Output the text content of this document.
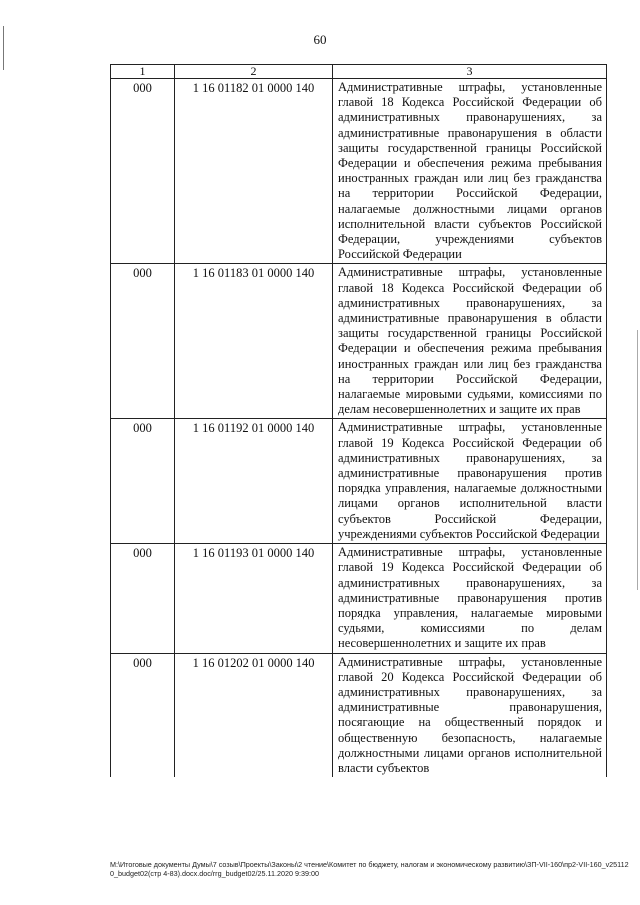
60
1	2	3
000	1 16 01182 01 0000 140	Административные штрафы, установленные главой 18 Кодекса Российской Федерации об административных правонарушениях, за административные правонарушения в области защиты государственной границы Российской Федерации и обеспечения режима пребывания иностранных граждан или лиц без гражданства на территории Российской Федерации, налагаемые должностными лицами органов исполнительной власти субъектов Российской Федерации, учреждениями субъектов Российской Федерации
000	1 16 01183 01 0000 140	Административные штрафы, установленные главой 18 Кодекса Российской Федерации об административных правонарушениях, за административные правонарушения в области защиты государственной границы Российской Федерации и обеспечения режима пребывания иностранных граждан или лиц без гражданства на территории Российской Федерации, налагаемые мировыми судьями, комиссиями по делам несовершеннолетних и защите их прав
000	1 16 01192 01 0000 140	Административные штрафы, установленные главой 19 Кодекса Российской Федерации об административных правонарушениях, за административные правонарушения против порядка управления, налагаемые должностными лицами органов исполнительной власти субъектов Российской Федерации, учреждениями субъектов Российской Федерации
000	1 16 01193 01 0000 140	Административные штрафы, установленные главой 19 Кодекса Российской Федерации об административных правонарушениях, за административные правонарушения против порядка управления, налагаемые мировыми судьями, комиссиями по делам несовершеннолетних и защите их прав
000	1 16 01202 01 0000 140	Административные штрафы, установленные главой 20 Кодекса Российской Федерации об административных правонарушениях, за административные правонарушения, посягающие на общественный порядок и общественную безопасность, налагаемые должностными лицами органов исполнительной власти субъектов
M:\Итоговые документы Думы\7 созыв\Проекты\Законы\2 чтение\Комитет по бюджету, налогам и экономическому развитию\ЗП-VII-160\пр2-VII-160_v251120_budget02(стр 4-83).docx.doc/rrg_budget02/25.11.2020 9:39:00
